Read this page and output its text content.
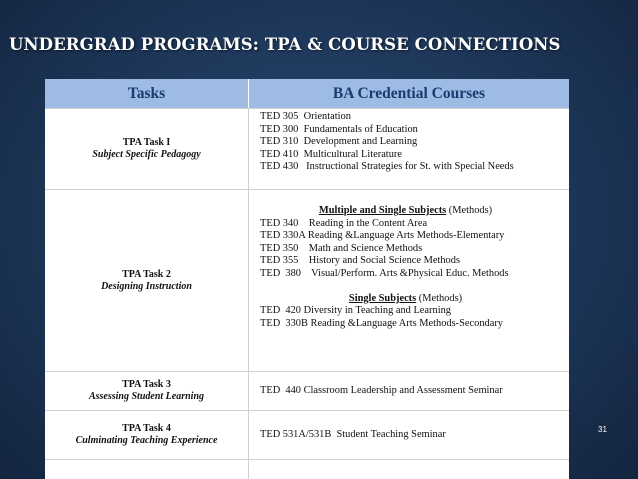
UNDERGRAD PROGRAMS: TPA & COURSE CONNECTIONS
Tasks	BA Credential Courses
TPA Task I
Subject Specific Pedagogy
TED 305  Orientation
TED 300  Fundamentals of Education
TED 310  Development and Learning
TED 410  Multicultural Literature
TED 430   Instructional Strategies for St. with Special Needs
TPA Task 2
Designing Instruction
Multiple and Single Subjects (Methods)
TED 340    Reading in the Content Area
TED 330A Reading &Language Arts Methods-Elementary
TED 350    Math and Science Methods
TED 355    History and Social Science Methods
TED  380    Visual/Perform. Arts &Physical Educ. Methods
Single Subjects (Methods)
TED  420 Diversity in Teaching and Learning
TED  330B Reading &Language Arts Methods-Secondary
TPA Task 3
Assessing Student Learning
TED  440 Classroom Leadership and Assessment Seminar
TPA Task 4
Culminating Teaching Experience
TED 531A/531B  Student Teaching Seminar	31
